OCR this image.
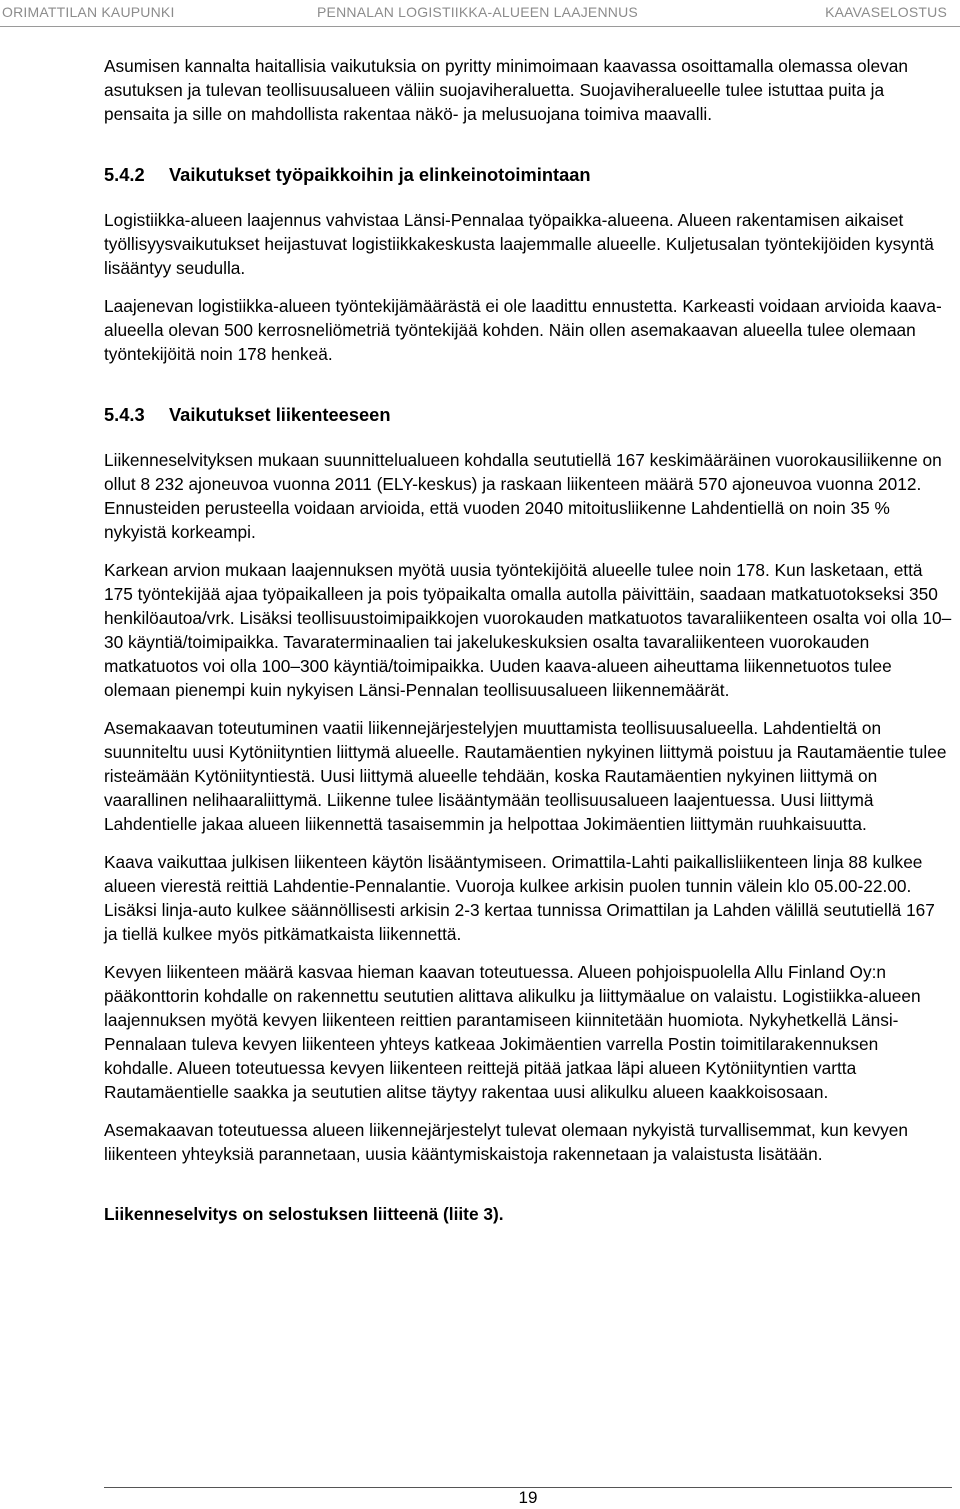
ORIMATTILAN KAUPUNKI	PENNALAN LOGISTIIKKA-ALUEEN LAAJENNUS	KAAVASELOSTUS

Asumisen kannalta haitallisia vaikutuksia on pyritty minimoimaan kaavassa osoittamalla olemassa olevan asutuksen ja tulevan teollisuusalueen väliin suojaviheraluetta. Suojaviheralueelle tulee istuttaa puita ja pensaita ja sille on mahdollista rakentaa näkö- ja melusuojana toimiva maavalli.

5.4.2 Vaikutukset työpaikkoihin ja elinkeinotoimintaan

Logistiikka-alueen laajennus vahvistaa Länsi-Pennalaa työpaikka-alueena. Alueen rakentamisen aikaiset työllisyysvaikutukset heijastuvat logistiikkakeskusta laajemmalle alueelle. Kuljetusalan työntekijöiden kysyntä lisääntyy seudulla.

Laajenevan logistiikka-alueen työntekijämäärästä ei ole laadittu ennustetta. Karkeasti voidaan arvioida kaava-alueella olevan 500 kerrosneliömetriä työntekijää kohden. Näin ollen asemakaavan alueella tulee olemaan työntekijöitä noin 178 henkeä.

5.4.3 Vaikutukset liikenteeseen

Liikenneselvityksen mukaan suunnittelualueen kohdalla seututiellä 167 keskimääräinen vuorokausiliikenne on ollut 8 232 ajoneuvoa vuonna 2011 (ELY-keskus) ja raskaan liikenteen määrä 570 ajoneuvoa vuonna 2012. Ennusteiden perusteella voidaan arvioida, että vuoden 2040 mitoitusliikenne Lahdentiellä on noin 35 % nykyistä korkeampi.

Karkean arvion mukaan laajennuksen myötä uusia työntekijöitä alueelle tulee noin 178. Kun lasketaan, että 175 työntekijää ajaa työpaikalleen ja pois työpaikalta omalla autolla päivittäin, saadaan matkatuotokseksi 350 henkilöautoa/vrk. Lisäksi teollisuustoimipaikkojen vuorokauden matkatuotos tavaraliikenteen osalta voi olla 10–30 käyntiä/toimipaikka. Tavaraterminaalien tai jakelukeskuksien osalta tavaraliikenteen vuorokauden matkatuotos voi olla 100–300 käyntiä/toimipaikka. Uuden kaava-alueen aiheuttama liikennetuotos tulee olemaan pienempi kuin nykyisen Länsi-Pennalan teollisuusalueen liikennemäärät.

Asemakaavan toteutuminen vaatii liikennejärjestelyjen muuttamista teollisuusalueella. Lahdentieltä on suunniteltu uusi Kytöniityntien liittymä alueelle. Rautamäentien nykyinen liittymä poistuu ja Rautamäentie tulee risteämään Kytöniityntiestä. Uusi liittymä alueelle tehdään, koska Rautamäentien nykyinen liittymä on vaarallinen nelihaaraliittymä. Liikenne tulee lisääntymään teollisuusalueen laajentuessa. Uusi liittymä Lahdentielle jakaa alueen liikennettä tasaisemmin ja helpottaa Jokimäentien liittymän ruuhkaisuutta.

Kaava vaikuttaa julkisen liikenteen käytön lisääntymiseen. Orimattila-Lahti paikallisliikenteen linja 88 kulkee alueen vierestä reittiä Lahdentie-Pennalantie. Vuoroja kulkee arkisin puolen tunnin välein klo 05.00-22.00. Lisäksi linja-auto kulkee säännöllisesti arkisin 2-3 kertaa tunnissa Orimattilan ja Lahden välillä seututiellä 167 ja tiellä kulkee myös pitkämatkaista liikennettä.

Kevyen liikenteen määrä kasvaa hieman kaavan toteutuessa. Alueen pohjoispuolella Allu Finland Oy:n pääkonttorin kohdalle on rakennettu seututien alittava alikulku ja liittymäalue on valaistu. Logistiikka-alueen laajennuksen myötä kevyen liikenteen reittien parantamiseen kiinnitetään huomiota. Nykyhetkellä Länsi-Pennalaan tuleva kevyen liikenteen yhteys katkeaa Jokimäentien varrella Postin toimitilarakennuksen kohdalle. Alueen toteutuessa kevyen liikenteen reittejä pitää jatkaa läpi alueen Kytöniityntien vartta Rautamäentielle saakka ja seututien alitse täytyy rakentaa uusi alikulku alueen kaakkoisosaan.

Asemakaavan toteutuessa alueen liikennejärjestelyt tulevat olemaan nykyistä turvallisemmat, kun kevyen liikenteen yhteyksiä parannetaan, uusia kääntymiskaistoja rakennetaan ja valaistusta lisätään.

Liikenneselvitys on selostuksen liitteenä (liite 3).

19
